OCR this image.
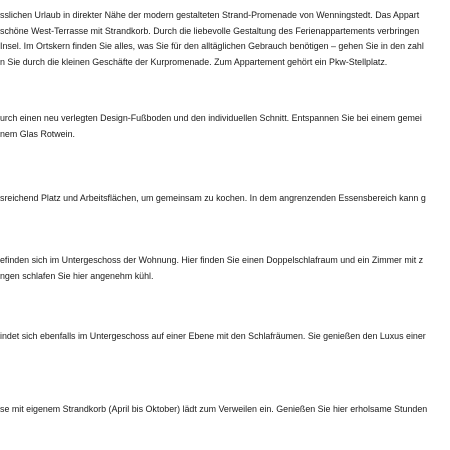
sslichen Urlaub in direkter Nähe der modern gestalteten Strand-Promenade von Wenningstedt. Das Appart
schöne West-Terrasse mit Strandkorb. Durch die liebevolle Gestaltung des Ferienappartements verbringen
Insel. Im Ortskern finden Sie alles, was Sie für den alltäglichen Gebrauch benötigen – gehen Sie in den zahl
n Sie durch die kleinen Geschäfte der Kurpromenade. Zum Appartement gehört ein Pkw-Stellplatz.
urch einen neu verlegten Design-Fußboden und den individuellen Schnitt. Entspannen Sie bei einem gemei
nem Glas Rotwein.
sreichend Platz und Arbeitsflächen, um gemeinsam zu kochen. In dem angrenzenden Essensbereich kann g
efinden sich im Untergeschoss der Wohnung. Hier finden Sie einen Doppelschlafraum und ein Zimmer mit z
ngen schlafen Sie hier angenehm kühl.
indet sich ebenfalls im Untergeschoss auf einer Ebene mit den Schlafräumen. Sie genießen den Luxus einer
se mit eigenem Strandkorb (April bis Oktober) lädt zum Verweilen ein. Genießen Sie hier erholsame Stunden
